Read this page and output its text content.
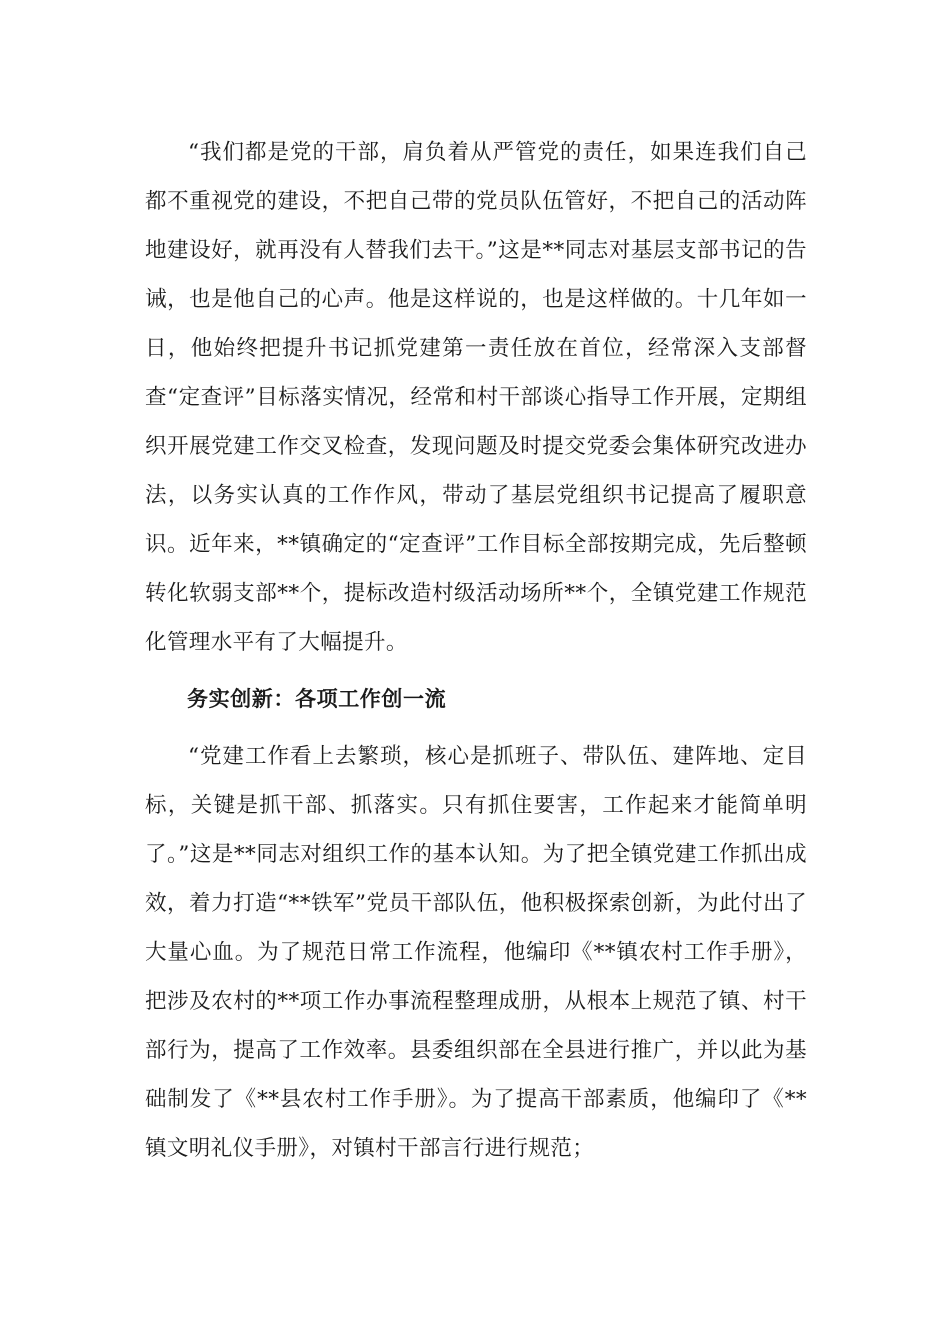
“我们都是党的干部，肩负着从严管党的责任，如果连我们自己都不重视党的建设，不把自己带的党员队伍管好，不把自己的活动阵地建设好，就再没有人替我们去干。”这是**同志对基层支部书记的告诫，也是他自己的心声。他是这样说的，也是这样做的。十几年如一日，他始终把提升书记抓党建第一责任放在首位，经常深入支部督查“定查评”目标落实情况，经常和村干部谈心指导工作开展，定期组织开展党建工作交叉检查，发现问题及时提交党委会集体研究改进办法，以务实认真的工作作风，带动了基层党组织书记提高了履职意识。近年来，**镇确定的“定查评”工作目标全部按期完成，先后整顿转化软弱支部**个，提标改造村级活动场所**个，全镇党建工作规范化管理水平有了大幅提升。

务实创新：各项工作创一流

“党建工作看上去繁琐，核心是抓班子、带队伍、建阵地、定目标，关键是抓干部、抓落实。只有抓住要害，工作起来才能简单明了。”这是**同志对组织工作的基本认知。为了把全镇党建工作抓出成效，着力打造“**铁军”党员干部队伍，他积极探索创新，为此付出了大量心血。为了规范日常工作流程，他编印《**镇农村工作手册》，把涉及农村的**项工作办事流程整理成册，从根本上规范了镇、村干部行为，提高了工作效率。县委组织部在全县进行推广，并以此为基础制发了《**县农村工作手册》。为了提高干部素质，他编印了《**镇文明礼仪手册》，对镇村干部言行进行规范；
